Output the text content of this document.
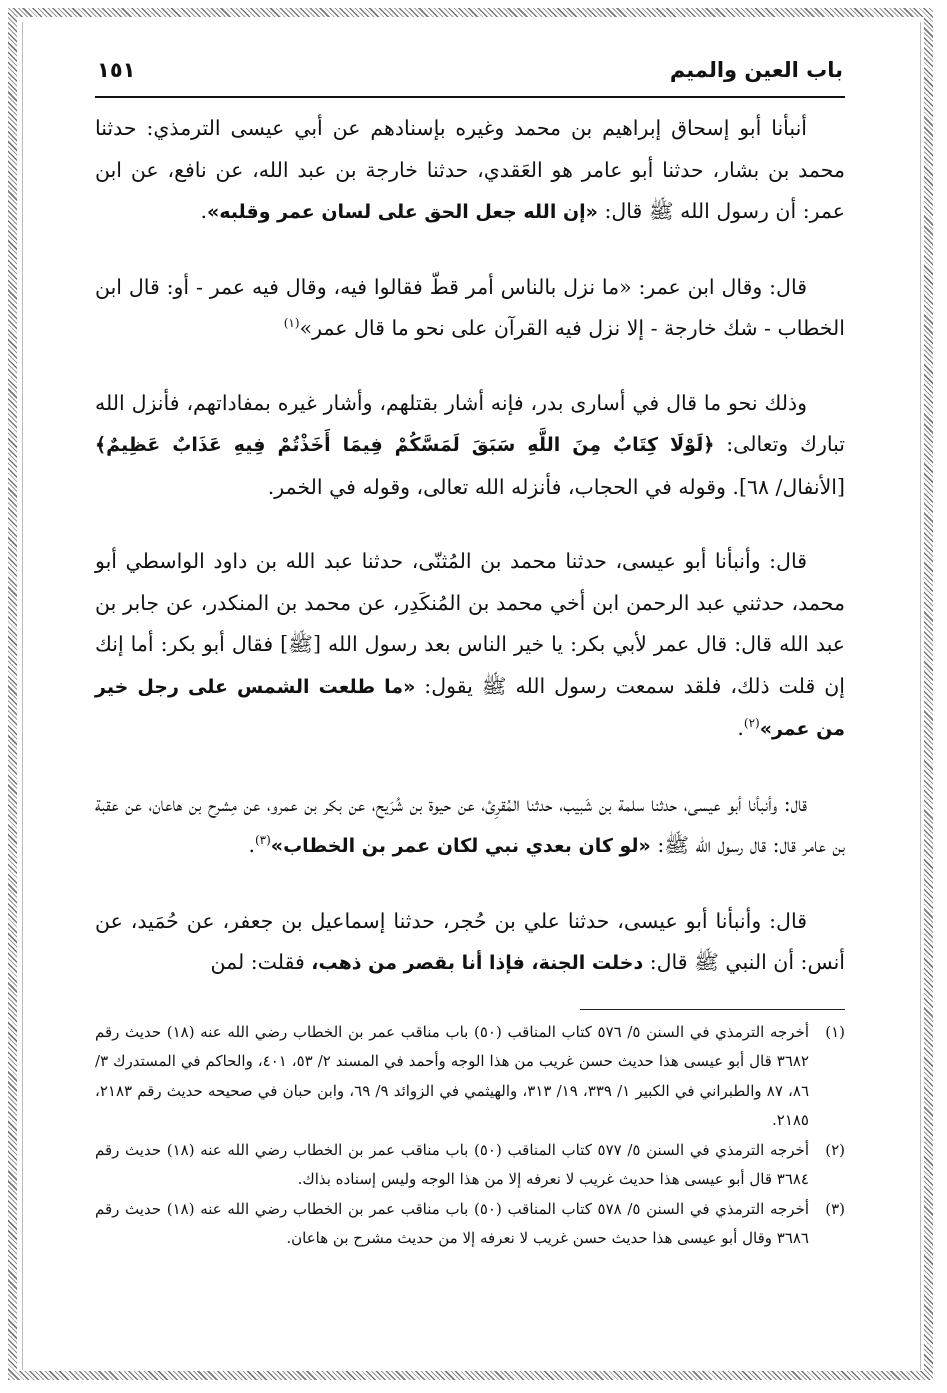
باب العين والميم
١٥١

أنبأنا أبو إسحاق إبراهيم بن محمد وغيره بإسنادهم عن أبي عيسى الترمذي: حدثنا محمد بن بشار، حدثنا أبو عامر هو العَقدي، حدثنا خارجة بن عبد الله، عن نافع، عن ابن عمر: أن رسول الله ﷺ قال: «إن الله جعل الحق على لسان عمر وقلبه».

قال: وقال ابن عمر: «ما نزل بالناس أمر قطّ فقالوا فيه، وقال فيه عمر - أو: قال ابن الخطاب - شك خارجة - إلا نزل فيه القرآن على نحو ما قال عمر»$^{(١)}$

وذلك نحو ما قال في أسارى بدر، فإنه أشار بقتلهم، وأشار غيره بمفاداتهم، فأنزل الله تبارك وتعالى: ﴿لَوْلَا كِتَابٌ مِنَ اللَّهِ سَبَقَ لَمَسَّكُمْ فِيمَا أَخَذْتُمْ فِيهِ عَذَابٌ عَظِيمٌ﴾ [الأنفال/ ٦٨]. وقوله في الحجاب، فأنزله الله تعالى، وقوله في الخمر.

قال: وأنبأنا أبو عيسى، حدثنا محمد بن المُثنّى، حدثنا عبد الله بن داود الواسطي أبو محمد، حدثني عبد الرحمن ابن أخي محمد بن المُنكَدِر، عن محمد بن المنكدر، عن جابر بن عبد الله قال: قال عمر لأبي بكر: يا خير الناس بعد رسول الله [ﷺ] فقال أبو بكر: أما إنك إن قلت ذلك، فلقد سمعت رسول الله ﷺ يقول: «ما طلعت الشمس على رجل خير من عمر»$^{(٢)}$.

قال: وأنبأنا أبو عيسى، حدثنا سلمة بن شَبيب، حدثنا المُقرِئ، عن حيوة بن شُرَيح، عن بكر بن عمرو، عن مِشرح بن هاعان، عن عقبة بن عامر قال: قال رسول الله ﷺ: «لو كان بعدي نبي لكان عمر بن الخطاب»$^{(٣)}$.

قال: وأنبأنا أبو عيسى، حدثنا علي بن حُجر، حدثنا إسماعيل بن جعفر، عن حُمَيد، عن أنس: أن النبي ﷺ قال: دخلت الجنة، فإذا أنا بقصر من ذهب، فقلت: لمن

(١)
أخرجه الترمذي في السنن ٥/ ٥٧٦ كتاب المناقب (٥٠) باب مناقب عمر بن الخطاب رضي الله عنه (١٨) حديث رقم ٣٦٨٢ قال أبو عيسى هذا حديث حسن غريب من هذا الوجه وأحمد في المسند ٢/ ٥٣، ٤٠١، والحاكم في المستدرك ٣/ ٨٦، ٨٧ والطبراني في الكبير ١/ ٣٣٩، ١٩/ ٣١٣، والهيثمي في الزوائد ٩/ ٦٩، وابن حبان في صحيحه حديث رقم ٢١٨٣، ٢١٨٥.
(٢)
أخرجه الترمذي في السنن ٥/ ٥٧٧ كتاب المناقب (٥٠) باب مناقب عمر بن الخطاب رضي الله عنه (١٨) حديث رقم ٣٦٨٤ قال أبو عيسى هذا حديث غريب لا نعرفه إلا من هذا الوجه وليس إسناده بذاك.
(٣)
أخرجه الترمذي في السنن ٥/ ٥٧٨ كتاب المناقب (٥٠) باب مناقب عمر بن الخطاب رضي الله عنه (١٨) حديث رقم ٣٦٨٦ وقال أبو عيسى هذا حديث حسن غريب لا نعرفه إلا من حديث مشرح بن هاعان.
